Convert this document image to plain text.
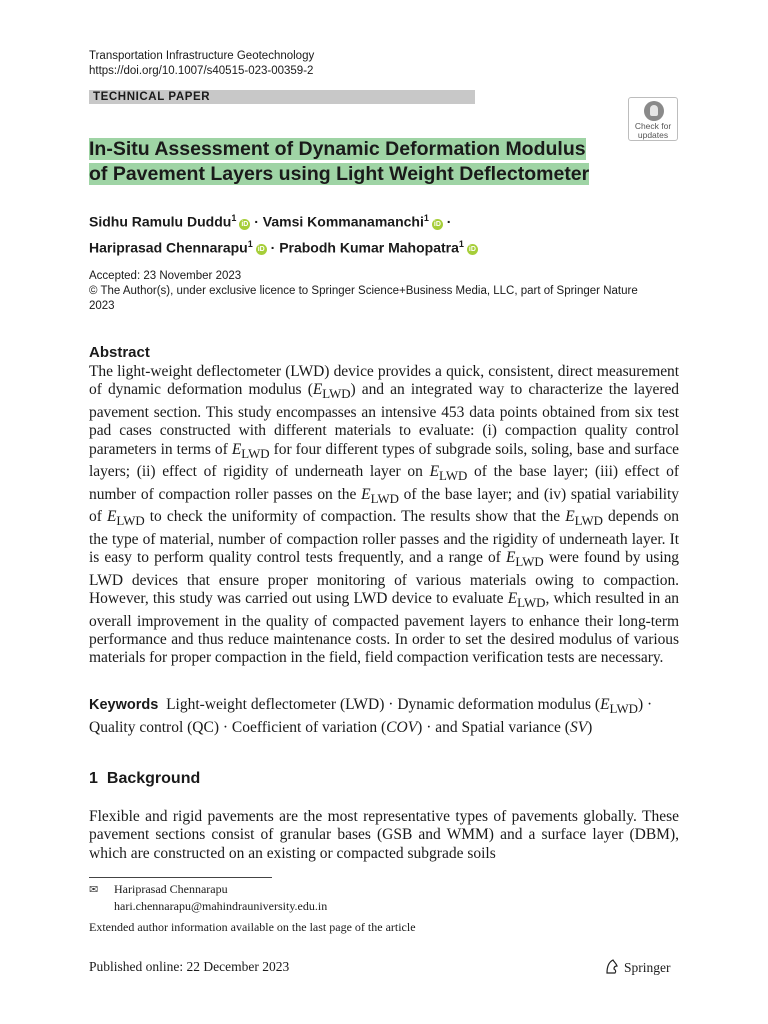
Transportation Infrastructure Geotechnology
https://doi.org/10.1007/s40515-023-00359-2
TECHNICAL PAPER
Check for
updates
In-Situ Assessment of Dynamic Deformation Modulus
of Pavement Layers using Light Weight Deflectometer
Sidhu Ramulu Duddu$^1$iD · Vamsi Kommanamanchi$^1$iD ·
Hariprasad Chennarapu$^1$iD · Prabodh Kumar Mahopatra$^1$iD
Accepted: 23 November 2023
© The Author(s), under exclusive licence to Springer Science+Business Media, LLC, part of Springer Nature
2023
Abstract
The light-weight deflectometer (LWD) device provides a quick, consistent, direct measurement of dynamic deformation modulus $(E_{LWD})$ and an integrated way to characterize the layered pavement section. This study encompasses an intensive 453 data points obtained from six test pad cases constructed with different materials to evaluate: (i) compaction quality control parameters in terms of $E_{LWD}$ for four different types of subgrade soils, soling, base and surface layers; (ii) effect of rigidity of underneath layer on $E_{LWD}$ of the base layer; (iii) effect of number of compaction roller passes on the $E_{LWD}$ of the base layer; and (iv) spatial variability of $E_{LWD}$ to check the uniformity of compaction. The results show that the $E_{LWD}$ depends on the type of material, number of compaction roller passes and the rigidity of underneath layer. It is easy to perform quality control tests frequently, and a range of $E_{LWD}$ were found by using LWD devices that ensure proper monitoring of various materials owing to compaction. However, this study was carried out using LWD device to evaluate $E_{LWD}$, which resulted in an overall improvement in the quality of compacted pavement layers to enhance their long-term performance and thus reduce maintenance costs. In order to set the desired modulus of various materials for proper compaction in the field, field compaction verification tests are necessary.
Keywords Light-weight deflectometer (LWD) · Dynamic deformation modulus $(E_{LWD})$ · Quality control (QC) · Coefficient of variation (COV) · and Spatial variance (SV)
1 Background
Flexible and rigid pavements are the most representative types of pavements globally. These pavement sections consist of granular bases (GSB and WMM) and a surface layer (DBM), which are constructed on an existing or compacted subgrade soils
✉ Hariprasad Chennarapu
hari.chennarapu@mahindrauniversity.edu.in
Extended author information available on the last page of the article
Published online: 22 December 2023	Springer
